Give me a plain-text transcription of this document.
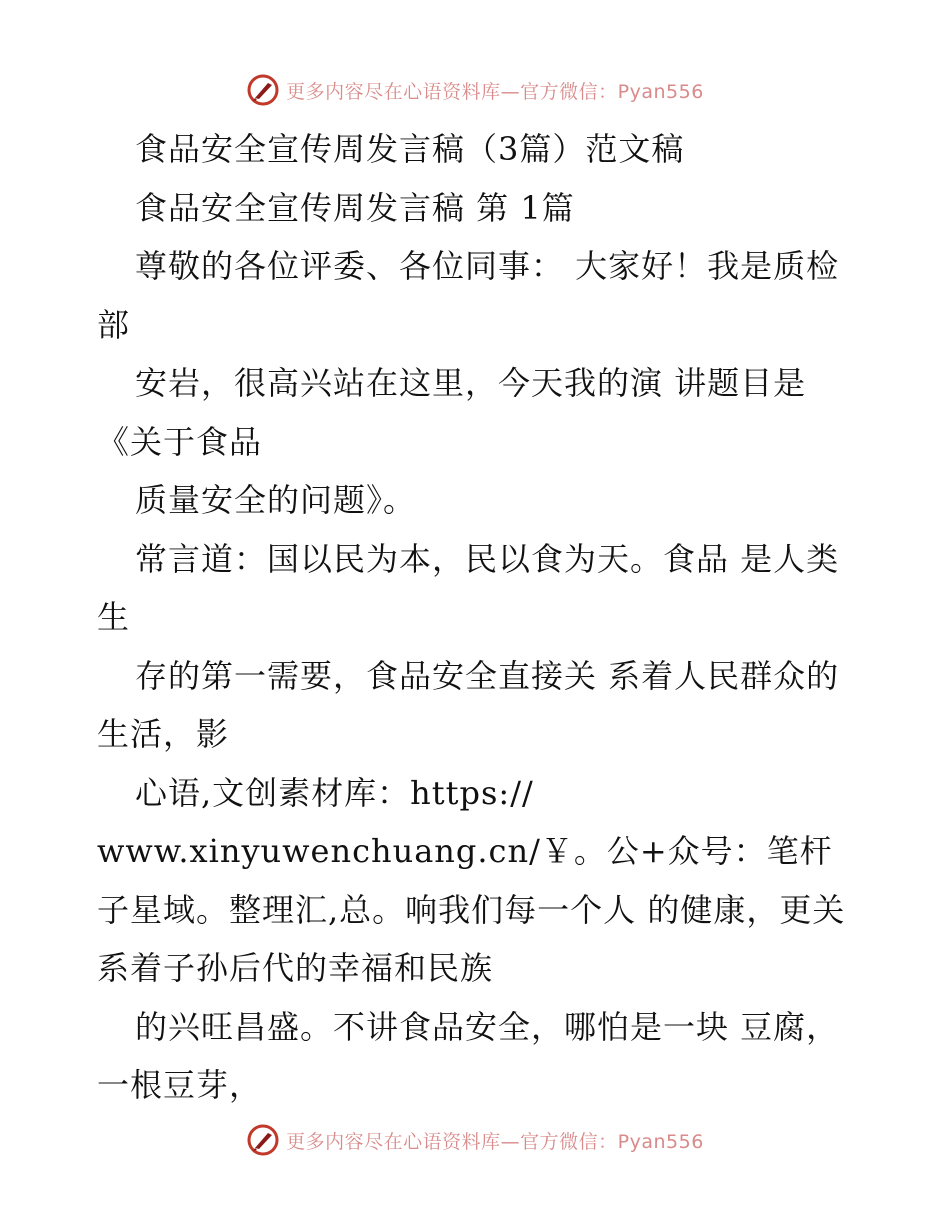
更多内容尽在心语资料库—官方微信：Pyan556

食品安全宣传周发言稿（3篇）范文稿

食品安全宣传周发言稿 第 1篇

尊敬的各位评委、各位同事： 大家好！我是质检部

安岩，很高兴站在这里，今天我的演 讲题目是《关于食品

质量安全的问题》。

常言道：国以民为本，民以食为天。食品 是人类生

存的第一需要，食品安全直接关 系着人民群众的生活，影

心语,文创素材库：https://

www.xinyuwenchuang.cn/￥。公+众号：笔杆子星域。整理汇,总。响我们每一个人 的健康，更关系着子孙后代的幸福和民族

的兴旺昌盛。不讲食品安全，哪怕是一块 豆腐，一根豆芽，

更多内容尽在心语资料库—官方微信：Pyan556
